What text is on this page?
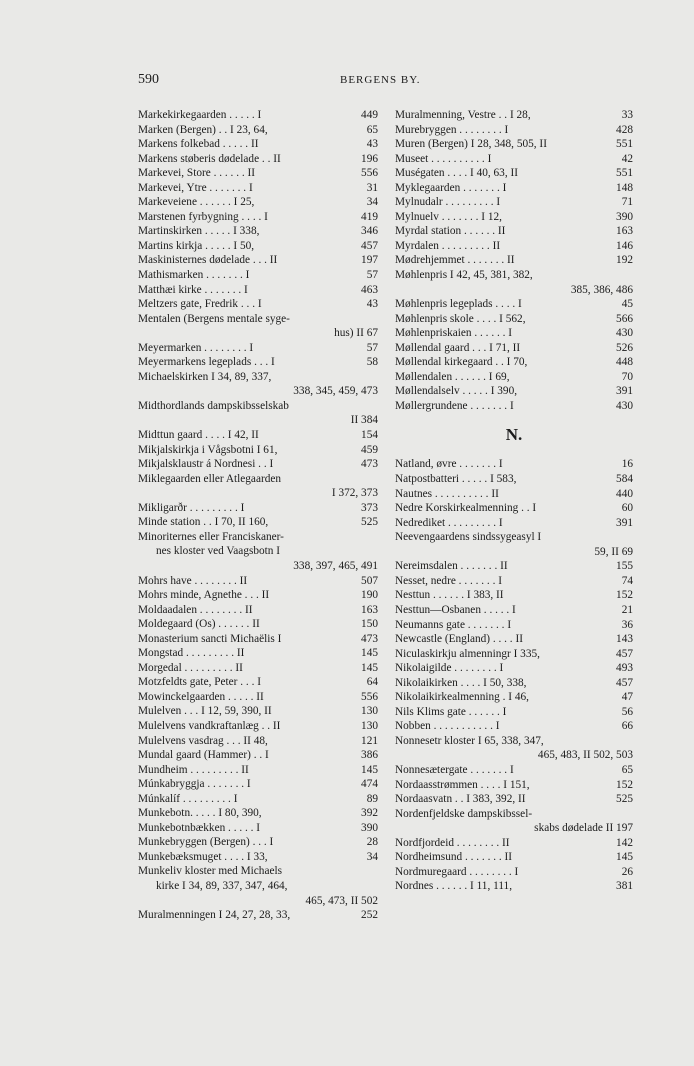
590	BERGENS BY.
Markekirkegaarden . . . . . I	449
Marken (Bergen) . . I 23, 64,	65
Markens folkebad . . . . . II	43
Markens støberis dødelade . . II	196
Markevei, Store . . . . . . II	556
Markevei, Ytre . . . . . . . I	31
Markeveiene . . . . . . I 25,	34
Marstenen fyrbygning . . . . I	419
Martinskirken . . . . . I 338,	346
Martins kirkja . . . . . I 50,	457
Maskinisternes dødelade . . . II	197
Mathismarken . . . . . . . I	57
Matthæi kirke . . . . . . . I	463
Meltzers gate, Fredrik . . . I	43
Mentalen (Bergens mentale syge-
hus) II 67
Meyermarken . . . . . . . . I	57
Meyermarkens legeplads . . . I	58
Michaelskirken I 34, 89, 337,
338, 345, 459, 473
Midthordlands dampskibsselskab
II 384
Midttun gaard . . . . I 42, II	154
Mikjalskirkja i Vågsbotni I 61,	459
Mikjalsklaustr á Nordnesi . . I	473
Miklegaarden eller Atlegaarden
I 372, 373
Mikligarðr . . . . . . . . . I	373
Minde station . . I 70, II 160,	525
Minoriternes eller Franciskaner-
nes kloster ved Vaagsbotn I
338, 397, 465, 491
Mohrs have . . . . . . . . II	507
Mohrs minde, Agnethe . . . II	190
Moldaadalen . . . . . . . . II	163
Moldegaard (Os) . . . . . . II	150
Monasterium sancti Michaëlis I	473
Mongstad . . . . . . . . . II	145
Morgedal . . . . . . . . . II	145
Motzfeldts gate, Peter . . . I	64
Mowinckelgaarden . . . . . II	556
Mulelven . . . I 12, 59, 390, II	130
Mulelvens vandkraftanlæg . . II	130
Mulelvens vasdrag . . . II 48,	121
Mundal gaard (Hammer) . . I	386
Mundheim . . . . . . . . . II	145
Múnkabryggja . . . . . . . I	474
Múnkalíf . . . . . . . . . I	89
Munkebotn. . . . . I 80, 390,	392
Munkebotnbækken . . . . . I	390
Munkebryggen (Bergen) . . . I	28
Munkebæksmuget . . . . I 33,	34
Munkeliv kloster med Michaels
kirke I 34, 89, 337, 347, 464,
465, 473, II 502
Muralmenningen I 24, 27, 28, 33,	252
Muralmenning, Vestre . . I 28,	33
Murebryggen . . . . . . . . I	428
Muren (Bergen) I 28, 348, 505, II	551
Museet . . . . . . . . . . I	42
Muségaten . . . . I 40, 63, II	551
Myklegaarden . . . . . . . I	148
Mylnudalr . . . . . . . . . I	71
Mylnuelv . . . . . . . I 12,	390
Myrdal station . . . . . . II	163
Myrdalen . . . . . . . . . II	146
Mødrehjemmet . . . . . . . II	192
Møhlenpris I 42, 45, 381, 382,
385, 386, 486
Møhlenpris legeplads . . . . I	45
Møhlenpris skole . . . . I 562,	566
Møhlenpriskaien . . . . . . I	430
Møllendal gaard . . . I 71, II	526
Møllendal kirkegaard . . I 70,	448
Møllendalen . . . . . . I 69,	70
Møllendalselv . . . . . I 390,	391
Møllergrundene . . . . . . . I	430
N.
Natland, øvre . . . . . . . I	16
Natpostbatteri . . . . . I 583,	584
Nautnes . . . . . . . . . . II	440
Nedre Korskirkealmenning . . I	60
Nedrediket . . . . . . . . . I	391
Neevengaardens sindssygeasyl I
59, II 69
Nereimsdalen . . . . . . . II	155
Nesset, nedre . . . . . . . I	74
Nesttun . . . . . . I 383, II	152
Nesttun—Osbanen . . . . . I	21
Neumanns gate . . . . . . . I	36
Newcastle (England) . . . . II	143
Niculaskirkju almenningr I 335,	457
Nikolaigilde . . . . . . . . I	493
Nikolaikirken . . . . I 50, 338,	457
Nikolaikirkealmenning . I 46,	47
Nils Klims gate . . . . . . I	56
Nobben . . . . . . . . . . . I	66
Nonnesetr kloster I 65, 338, 347,
465, 483, II 502, 503
Nonnesætergate . . . . . . . I	65
Nordaasstrømmen . . . . I 151,	152
Nordaasvatn . . I 383, 392, II	525
Nordenfjeldske dampskibssel-
skabs dødelade II 197
Nordfjordeid . . . . . . . . II	142
Nordheimsund . . . . . . . II	145
Nordmuregaard . . . . . . . . I	26
Nordnes . . . . . . I 11, 111,	381
